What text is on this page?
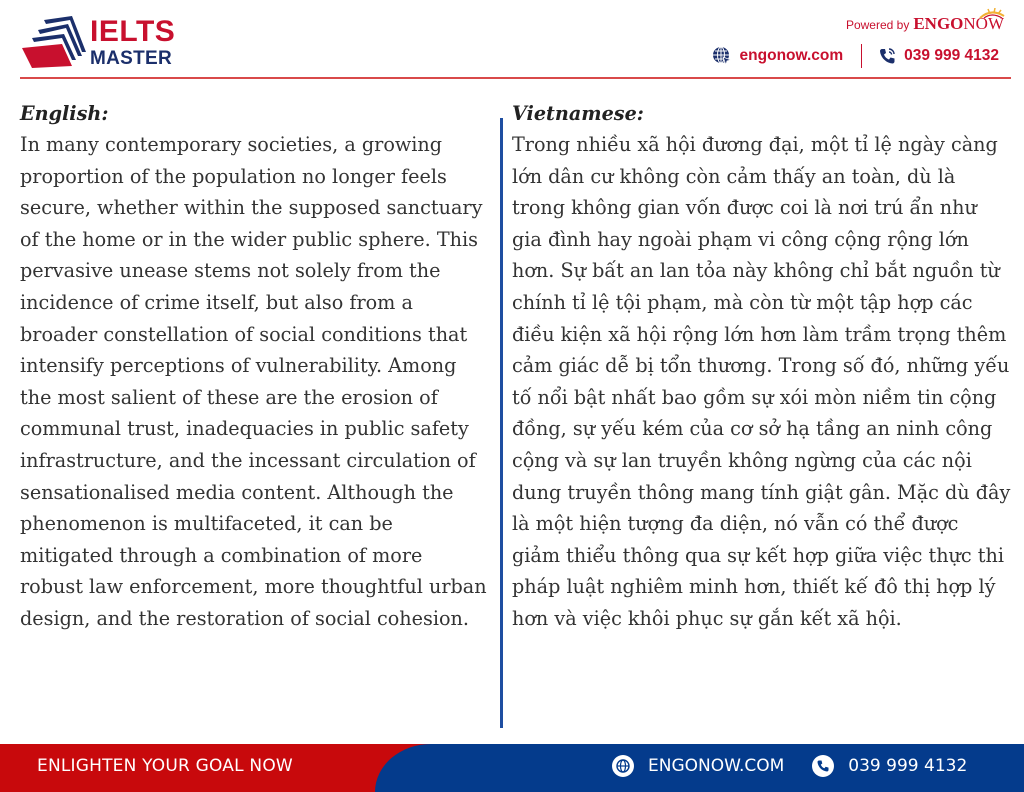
IELTS
MASTER
Powered by ENGONOW
engonow.com	039 999 4132
English:

In many contemporary societies, a growing proportion of the population no longer feels secure, whether within the supposed sanctuary of the home or in the wider public sphere. This pervasive unease stems not solely from the incidence of crime itself, but also from a broader constellation of social conditions that intensify perceptions of vulnerability. Among the most salient of these are the erosion of communal trust, inadequacies in public safety infrastructure, and the incessant circulation of sensationalised media content. Although the phenomenon is multifaceted, it can be mitigated through a combination of more robust law enforcement, more thoughtful urban design, and the restoration of social cohesion.

Vietnamese:

Trong nhiều xã hội đương đại, một tỉ lệ ngày càng lớn dân cư không còn cảm thấy an toàn, dù là trong không gian vốn được coi là nơi trú ẩn như gia đình hay ngoài phạm vi công cộng rộng lớn hơn. Sự bất an lan tỏa này không chỉ bắt nguồn từ chính tỉ lệ tội phạm, mà còn từ một tập hợp các điều kiện xã hội rộng lớn hơn làm trầm trọng thêm cảm giác dễ bị tổn thương. Trong số đó, những yếu tố nổi bật nhất bao gồm sự xói mòn niềm tin cộng đồng, sự yếu kém của cơ sở hạ tầng an ninh công cộng và sự lan truyền không ngừng của các nội dung truyền thông mang tính giật gân. Mặc dù đây là một hiện tượng đa diện, nó vẫn có thể được giảm thiểu thông qua sự kết hợp giữa việc thực thi pháp luật nghiêm minh hơn, thiết kế đô thị hợp lý hơn và việc khôi phục sự gắn kết xã hội.

ENLIGHTEN YOUR GOAL NOW	ENGONOW.COM	039 999 4132
